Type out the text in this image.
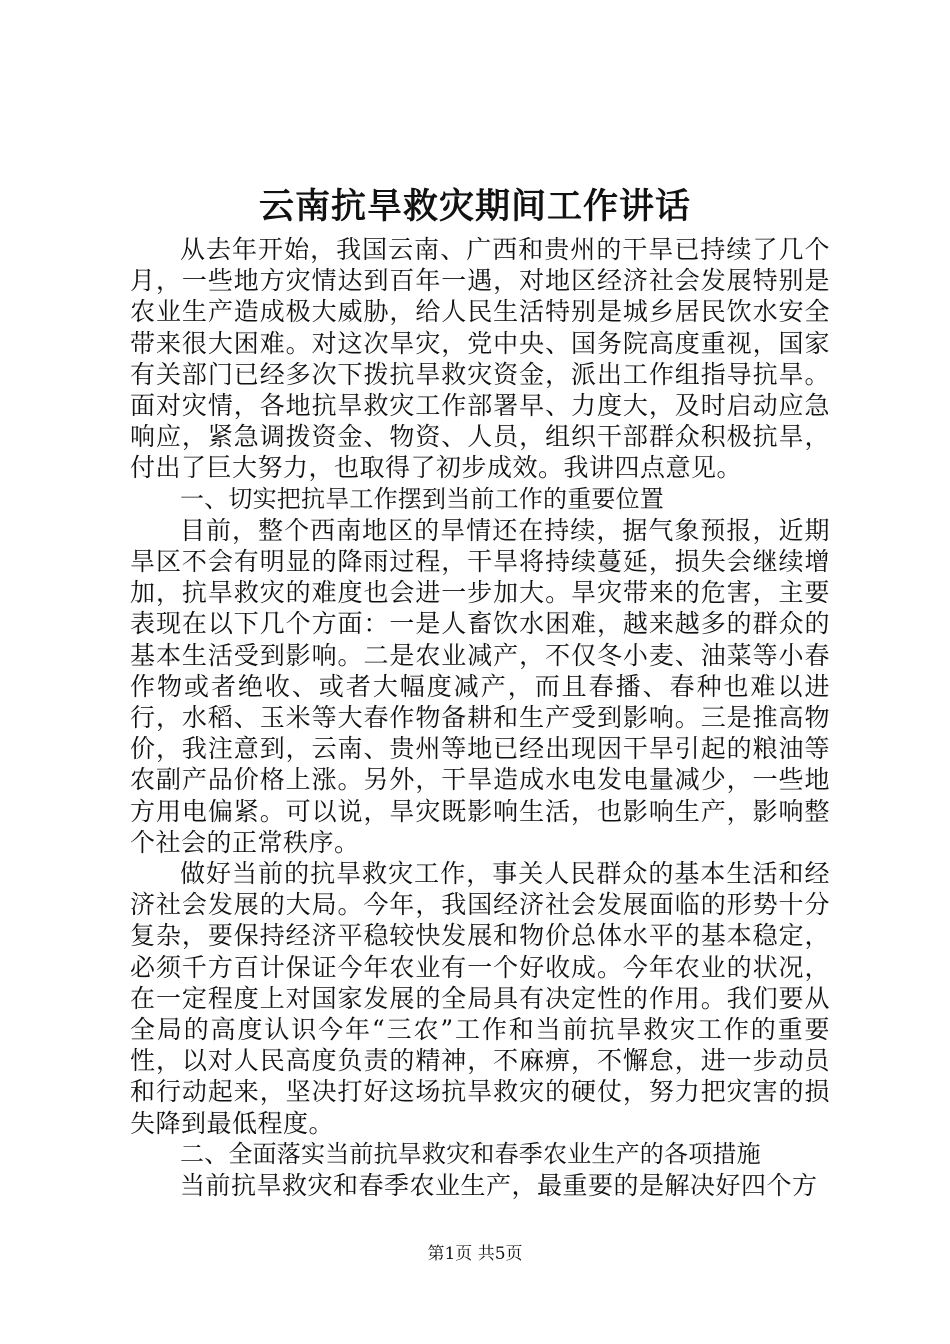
云南抗旱救灾期间工作讲话

从去年开始，我国云南、广西和贵州的干旱已持续了几个月，一些地方灾情达到百年一遇，对地区经济社会发展特别是农业生产造成极大威胁，给人民生活特别是城乡居民饮水安全带来很大困难。对这次旱灾，党中央、国务院高度重视，国家有关部门已经多次下拨抗旱救灾资金，派出工作组指导抗旱。面对灾情，各地抗旱救灾工作部署早、力度大，及时启动应急响应，紧急调拨资金、物资、人员，组织干部群众积极抗旱，付出了巨大努力，也取得了初步成效。我讲四点意见。

一、切实把抗旱工作摆到当前工作的重要位置

目前，整个西南地区的旱情还在持续，据气象预报，近期旱区不会有明显的降雨过程，干旱将持续蔓延，损失会继续增加，抗旱救灾的难度也会进一步加大。旱灾带来的危害，主要表现在以下几个方面：一是人畜饮水困难，越来越多的群众的基本生活受到影响。二是农业减产，不仅冬小麦、油菜等小春作物或者绝收、或者大幅度减产，而且春播、春种也难以进行，水稻、玉米等大春作物备耕和生产受到影响。三是推高物价，我注意到，云南、贵州等地已经出现因干旱引起的粮油等农副产品价格上涨。另外，干旱造成水电发电量减少，一些地方用电偏紧。可以说，旱灾既影响生活，也影响生产，影响整个社会的正常秩序。

做好当前的抗旱救灾工作，事关人民群众的基本生活和经济社会发展的大局。今年，我国经济社会发展面临的形势十分复杂，要保持经济平稳较快发展和物价总体水平的基本稳定，必须千方百计保证今年农业有一个好收成。今年农业的状况，在一定程度上对国家发展的全局具有决定性的作用。我们要从全局的高度认识今年“三农”工作和当前抗旱救灾工作的重要性，以对人民高度负责的精神，不麻痹，不懈怠，进一步动员和行动起来，坚决打好这场抗旱救灾的硬仗，努力把灾害的损失降到最低程度。

二、全面落实当前抗旱救灾和春季农业生产的各项措施

当前抗旱救灾和春季农业生产，最重要的是解决好四个方

第1页 共5页
